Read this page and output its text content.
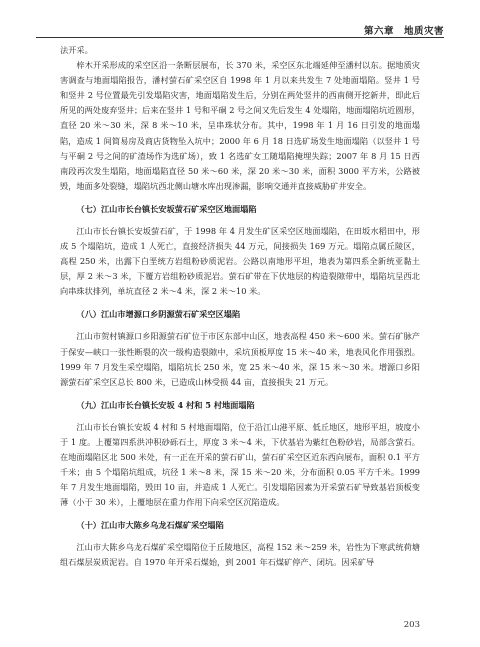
第六章　地质灾害

法开采。

梓木开采形成的采空区沿一条断层展布，长 370 米，采空区东北端延伸至潘村以东。据地质灾害调查与地面塌陷报告，潘村萤石矿采空区自 1998 年 1 月以来共发生 7 处地面塌陷。竖井 1 号和竖井 2 号位置最先引发塌陷灾害，地面塌陷发生后，分别在两处竖井的西南侧开挖新井，即此后所见的两处废弃竖井；后来在竖井 1 号和平硐 2 号之间又先后发生 4 处塌陷，地面塌陷坑近圆形，直径 20 米～30 米，深 8 米～10 米，呈串珠状分布。其中，1998 年 1 月 16 日引发的地面塌陷，造成 1 间简易房及商店货物坠入坑中；2000 年 6 月 18 日选矿场发生地面塌陷（以竖井 1 号与平硐 2 号之间的矿渣场作为选矿场），致 1 名选矿女工随塌陷掩埋失踪；2007 年 8 月 15 日西南段再次发生塌陷，地面塌陷直径 50 米～60 米，深 20 米～30 米，面积 3000 平方米，公路被毁，地面多处裂缝，塌陷坑西北侧山塘水库出现渗漏，影响交通并直接威胁矿井安全。

（七）江山市长台镇长安坂萤石矿采空区地面塌陷

江山市长台镇长安坂萤石矿，于 1998 年 4 月发生矿区采空区地面塌陷，在田坂水稻田中，形成 5 个塌陷坑，造成 1 人死亡，直接经济损失 44 万元，间接损失 169 万元。塌陷点属丘陵区，高程 250 米，出露下白垩统方岩组粉砂质泥岩。公路以南地形平坦，地表为第四系全新统亚黏土层，厚 2 米～3 米，下覆方岩组粉砂质泥岩。萤石矿带在下伏地层的构造裂隙带中，塌陷坑呈西北向串珠状排列，单坑直径 2 米～4 米，深 2 米～10 米。

（八）江山市增源口乡阴源萤石矿采空区塌陷

江山市贺村镇源口乡阳源萤石矿位于市区东部中山区，地表高程 450 米～600 米。萤石矿脉产于保安—峡口一张性断裂的次一级构造裂隙中，采坑顶板厚度 15 米～40 米，地表风化作用强烈。1999 年 7 月发生采空塌陷，塌陷坑长 250 米，宽 25 米～40 米，深 15 米～30 米。增源口乡阳源萤石矿采空区总长 800 米，已造成山林受损 44 亩，直接损失 21 万元。

（九）江山市长台镇长安坂 4 村和 5 村地面塌陷

江山市长台镇长安坂 4 村和 5 村地面塌陷，位于沿江山港平原、低丘地区，地形平坦，坡度小于 1 度。上覆第四系洪冲积砂砾石土，厚度 3 米～4 米，下伏基岩为紫红色粉砂岩，局部含萤石。在地面塌陷区北 500 米处，有一正在开采的萤石矿山，萤石矿采空区近东西向展布，面积 0.1 平方千米；由 5 个塌陷坑组成，坑径 1 米～8 米，深 15 米～20 米，分布面积 0.05 平方千米。1999 年 7 月发生地面塌陷，毁田 10 亩，并造成 1 人死亡。引发塌陷因素为开采萤石矿导致基岩顶板变薄（小于 30 米），上覆地层在重力作用下向采空区沉陷造成。

（十）江山市大陈乡乌龙石煤矿采空塌陷

江山市大陈乡乌龙石煤矿采空塌陷位于丘陵地区，高程 152 米～259 米，岩性为下寒武统荷塘组石煤层炭质泥岩。自 1970 年开采石煤始，到 2001 年石煤矿停产、闭坑。因采矿导

203
